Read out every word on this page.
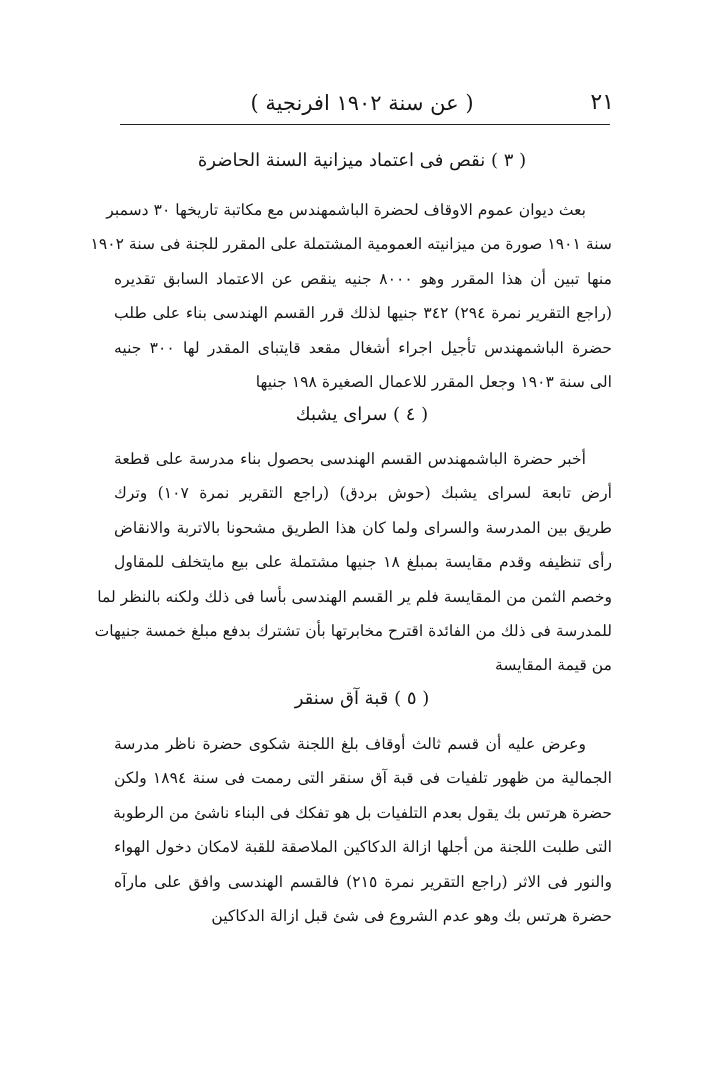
٢١
( عن سنة ١٩٠٢ افرنجية )
( ٣ ) نقص فى اعتماد ميزانية السنة الحاضرة
بعث ديوان عموم الاوقاف لحضرة الباشمهندس مع مكاتبة تاريخها ٣٠ دسمبر
سنة ١٩٠١ صورة من ميزانيته العمومية المشتملة على المقرر للجنة فى سنة ١٩٠٢
منها تبين أن هذا المقرر وهو ٨٠٠٠ جنيه ينقص عن الاعتماد السابق تقديره
(راجع التقرير نمرة ٢٩٤) ٣٤٢ جنيها لذلك قرر القسم الهندسى بناء على طلب
حضرة الباشمهندس تأجيل اجراء أشغال مقعد قايتباى المقدر لها ٣٠٠ جنيه
الى سنة ١٩٠٣ وجعل المقرر للاعمال الصغيرة ١٩٨ جنيها
( ٤ ) سراى يشبك
أخبر حضرة الباشمهندس القسم الهندسى بحصول بناء مدرسة على قطعة
أرض تابعة لسراى يشبك (حوش بردق) (راجع التقرير نمرة ١٠٧) وترك
طريق بين المدرسة والسراى ولما كان هذا الطريق مشحونا بالاتربة والانقاض
رأى تنظيفه وقدم مقايسة بمبلغ ١٨ جنيها مشتملة على بيع مايتخلف للمقاول
وخصم الثمن من المقايسة فلم ير القسم الهندسى بأسا فى ذلك ولكنه بالنظر لما
للمدرسة فى ذلك من الفائدة اقترح مخابرتها بأن تشترك بدفع مبلغ خمسة جنيهات
من قيمة المقايسة
( ٥ ) قبة آق سنقر
وعرض عليه أن قسم ثالث أوقاف بلغ اللجنة شكوى حضرة ناظر مدرسة
الجمالية من ظهور تلفيات فى قبة آق سنقر التى رممت فى سنة ١٨٩٤ ولكن
حضرة هرتس بك يقول بعدم التلفيات بل هو تفكك فى البناء ناشئ من الرطوبة
التى طلبت اللجنة من أجلها ازالة الدكاكين الملاصقة للقبة لامكان دخول الهواء
والنور فى الاثر (راجع التقرير نمرة ٢١٥) فالقسم الهندسى وافق على مارآه
حضرة هرتس بك وهو عدم الشروع فى شئ قبل ازالة الدكاكين
